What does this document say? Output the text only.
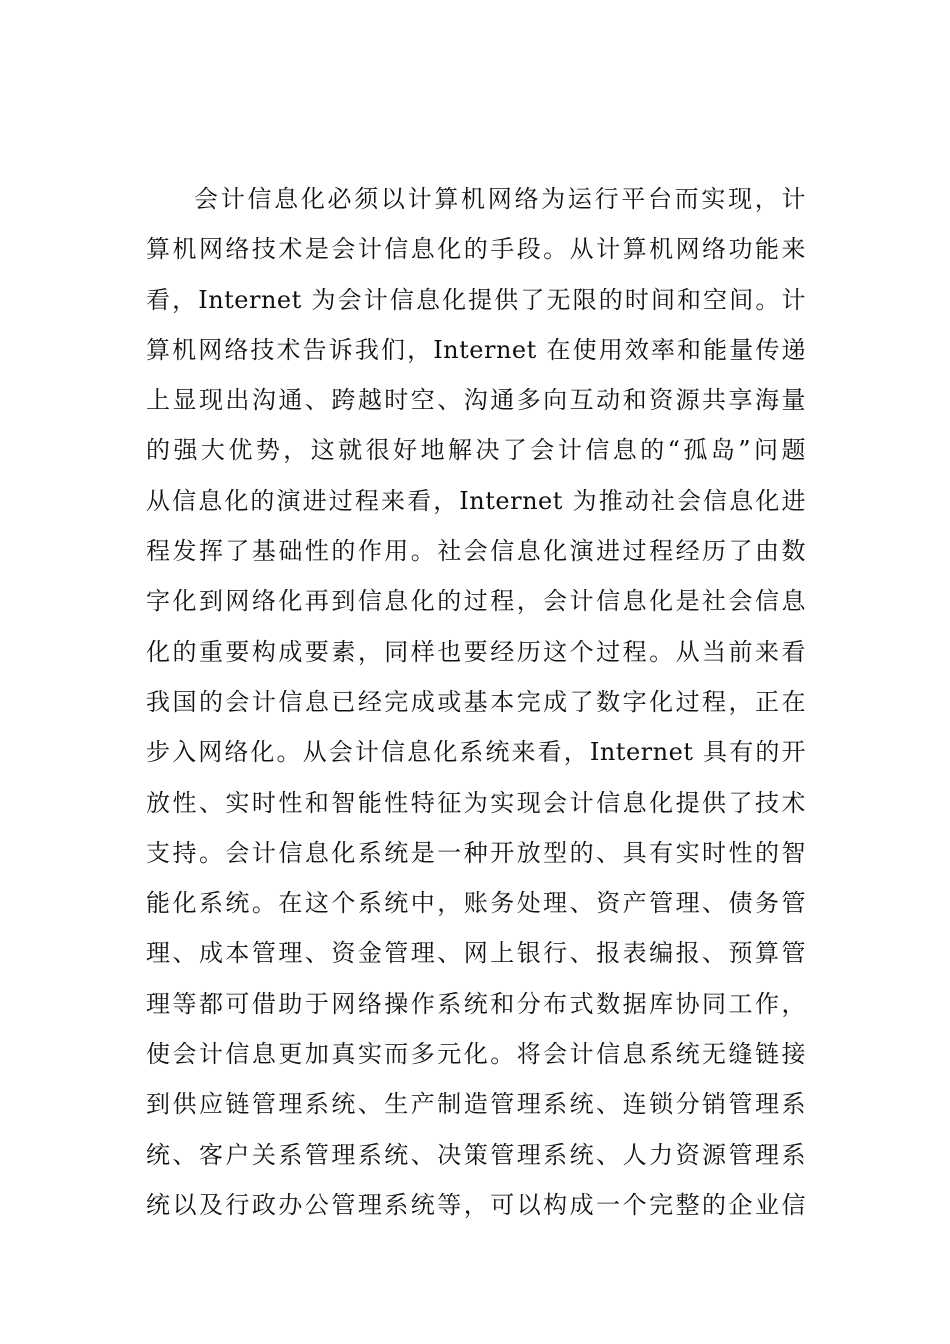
会计信息化必须以计算机网络为运行平台而实现，计
算机网络技术是会计信息化的手段。从计算机网络功能来
看，Internet 为会计信息化提供了无限的时间和空间。计
算机网络技术告诉我们，Internet 在使用效率和能量传递
上显现出沟通、跨越时空、沟通多向互动和资源共享海量
的强大优势，这就很好地解决了会计信息的“孤岛”问题
从信息化的演进过程来看，Internet 为推动社会信息化进
程发挥了基础性的作用。社会信息化演进过程经历了由数
字化到网络化再到信息化的过程，会计信息化是社会信息
化的重要构成要素，同样也要经历这个过程。从当前来看
我国的会计信息已经完成或基本完成了数字化过程，正在
步入网络化。从会计信息化系统来看，Internet 具有的开
放性、实时性和智能性特征为实现会计信息化提供了技术
支持。会计信息化系统是一种开放型的、具有实时性的智
能化系统。在这个系统中，账务处理、资产管理、债务管
理、成本管理、资金管理、网上银行、报表编报、预算管
理等都可借助于网络操作系统和分布式数据库协同工作，
使会计信息更加真实而多元化。将会计信息系统无缝链接
到供应链管理系统、生产制造管理系统、连锁分销管理系
统、客户关系管理系统、决策管理系统、人力资源管理系
统以及行政办公管理系统等，可以构成一个完整的企业信
